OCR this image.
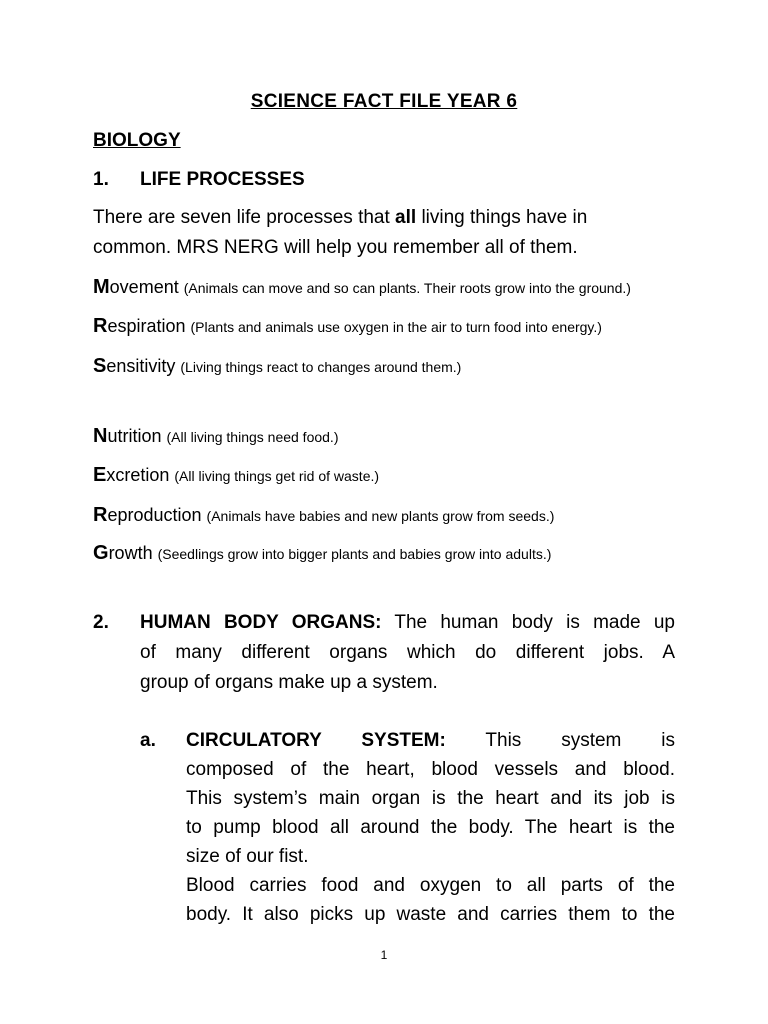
SCIENCE FACT FILE YEAR 6
BIOLOGY
1. LIFE PROCESSES
There are seven life processes that all living things have in
common. MRS NERG will help you remember all of them.
Movement (Animals can move and so can plants. Their roots grow into the ground.)
Respiration (Plants and animals use oxygen in the air to turn food into energy.)
Sensitivity (Living things react to changes around them.)
Nutrition (All living things need food.)
Excretion (All living things get rid of waste.)
Reproduction (Animals have babies and new plants grow from seeds.)
Growth (Seedlings grow into bigger plants and babies grow into adults.)
2. HUMAN BODY ORGANS: The human body is made up
of many different organs which do different jobs. A
group of organs make up a system.
a. CIRCULATORY SYSTEM: This system is
composed of the heart, blood vessels and blood.
This system’s main organ is the heart and its job is
to pump blood all around the body. The heart is the
size of our fist.
Blood carries food and oxygen to all parts of the
body. It also picks up waste and carries them to the
1
